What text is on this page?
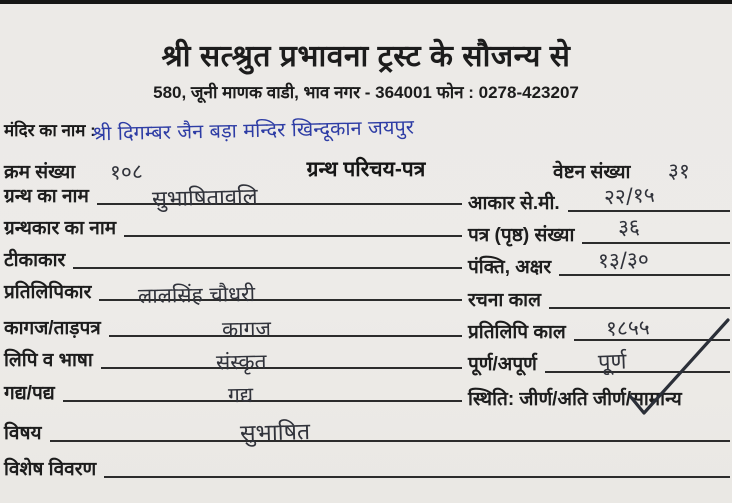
श्री सत्श्रुत प्रभावना ट्रस्ट के सौजन्य से
580, जूनी माणक वाडी, भाव नगर - 364001 फोन : 0278-423207
मंदिर का नाम :
श्री दिगम्बर जैन बड़ा मन्दिर खिन्दूकान जयपुर
क्रम संख्या १०८	ग्रन्थ परिचय-पत्र	वेष्टन संख्या ३१
ग्रन्थ का नाम
ग्रन्थकार का नाम
टीकाकार
प्रतिलिपिकार
कागज/ताड़पत्र
लिपि व भाषा
गद्य/पद्य
आकार से.मी.
पत्र (पृष्ठ) संख्या
पंक्ति, अक्षर
रचना काल
प्रतिलिपि काल
पूर्ण/अपूर्ण
स्थिति: जीर्ण/अति जीर्ण/सामान्य
विषय
विशेष विवरण
सुभाषितावलि
लालसिंह चौधरी
कागज
संस्कृत
गद्य
सुभाषित
२२/१५
३६
१३/३०
१८५५
पूर्ण
